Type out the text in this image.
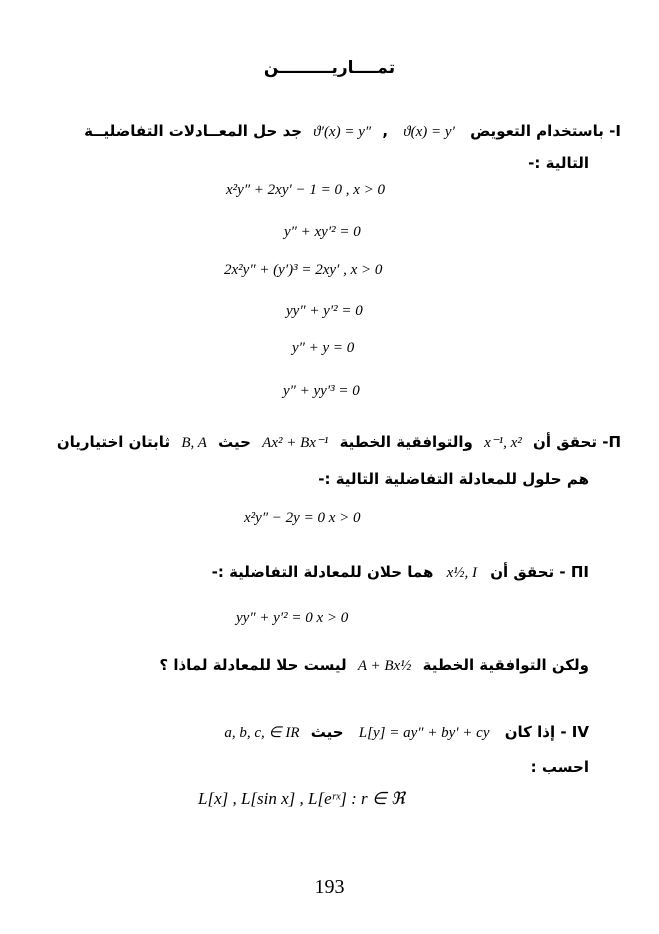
تمــــاريـــــــــن
I- باستخدام التعويض ϑ(x) = y′ , ϑ′(x) = y″ جد حل المعــادلات التفاضليــة
التالية :-
x²y″ + 2xy′ − 1 = 0 , x > 0
y″ + xy′² = 0
2x²y″ + (y′)³ = 2xy′ , x > 0
yy″ + y′² = 0
y″ + y = 0
y″ + yy′³ = 0
Π- تحقق أن x⁻¹, x² والتوافقية الخطية Ax² + Bx⁻¹ حيث B, A ثابتان اختياريان
هم حلول للمعادلة التفاضلية التالية :-
x²y″ − 2y = 0 x > 0
ΠI - تحقق أن x½, I هما حلان للمعادلة التفاضلية :-
yy″ + y′² = 0 x > 0
ولكن التوافقية الخطية A + Bx½ ليست حلا للمعادلة لماذا ؟
IV - إذا كان L[y] = ay″ + by′ + cy حيث a, b, c, ∈ IR
احسب :
L[x] , L[sin x] , L[eʳˣ] : r ∈ ℜ
193
